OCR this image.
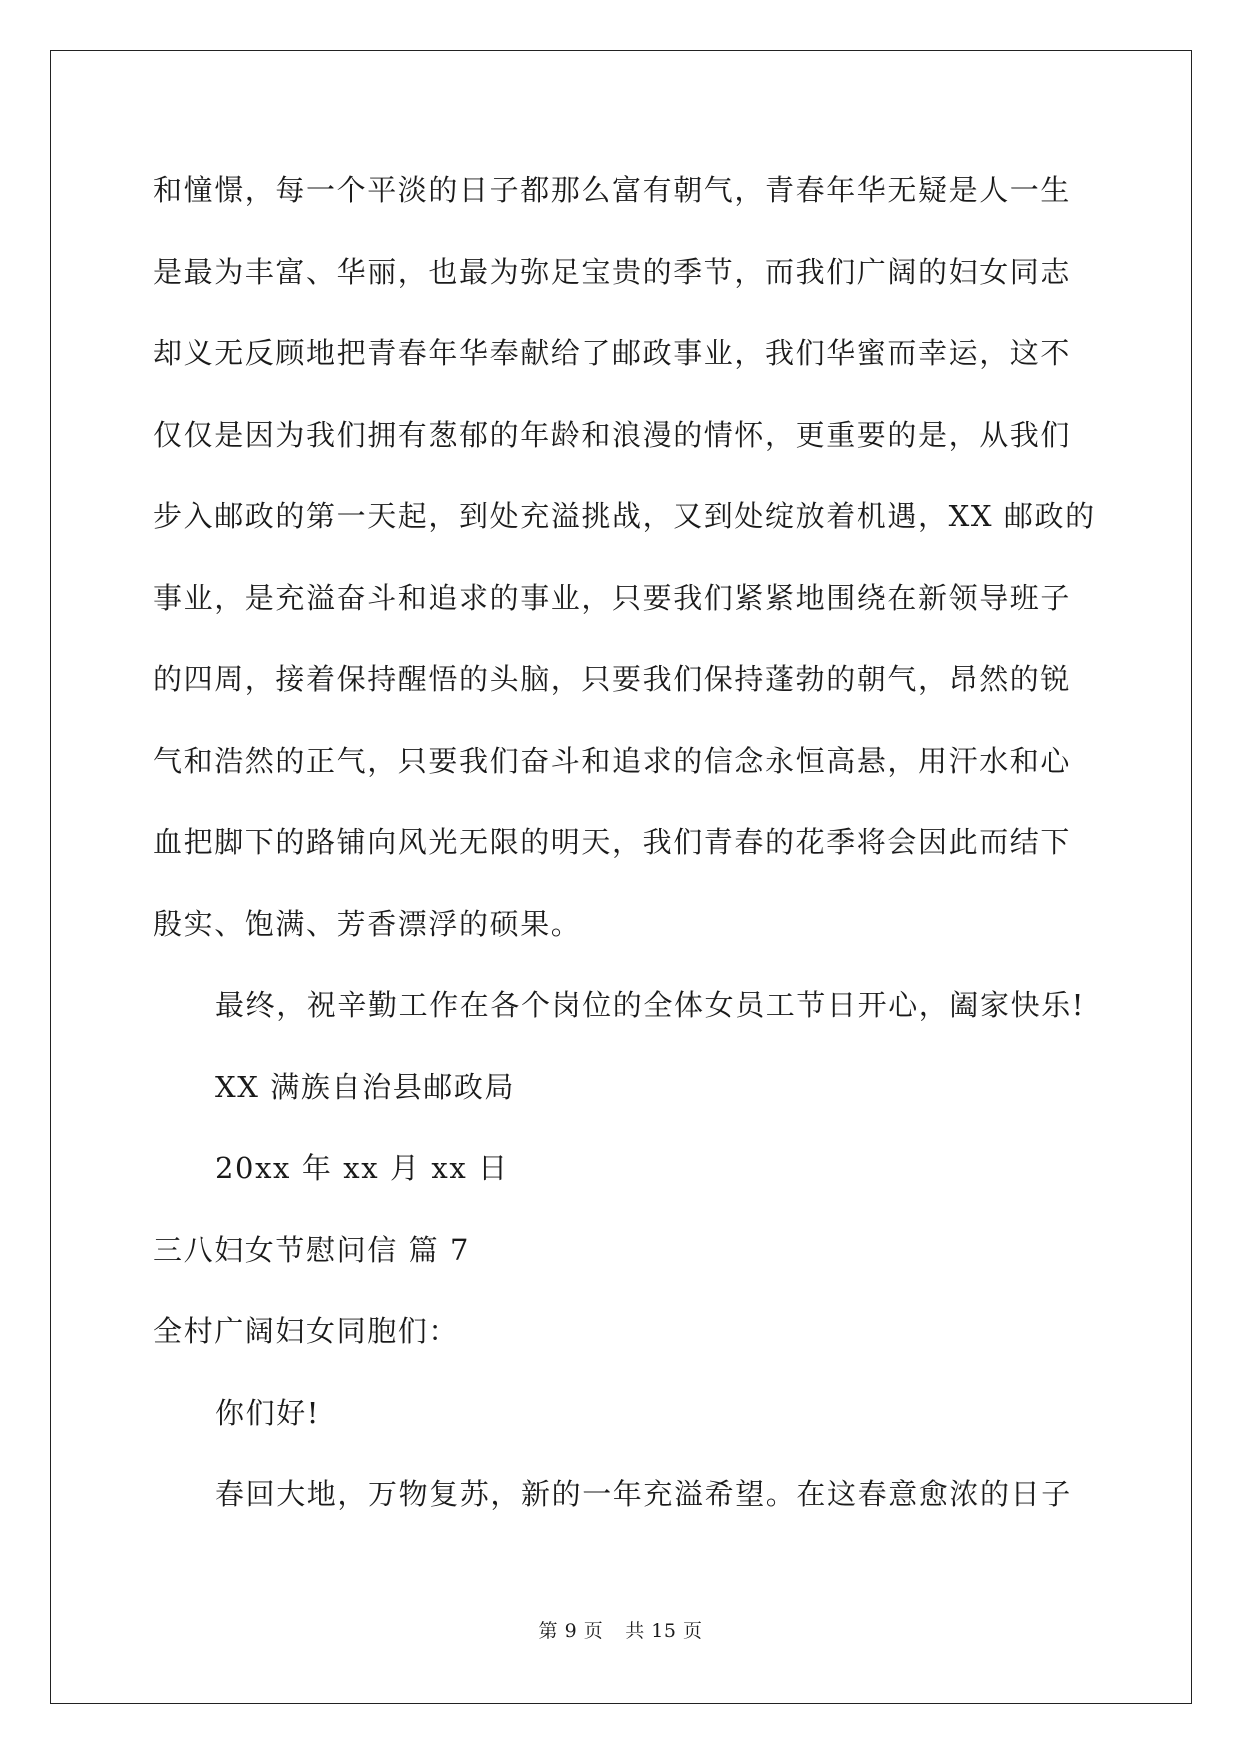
和憧憬，每一个平淡的日子都那么富有朝气，青春年华无疑是人一生
是最为丰富、华丽，也最为弥足宝贵的季节，而我们广阔的妇女同志
却义无反顾地把青春年华奉献给了邮政事业，我们华蜜而幸运，这不
仅仅是因为我们拥有葱郁的年龄和浪漫的情怀，更重要的是，从我们
步入邮政的第一天起，到处充溢挑战，又到处绽放着机遇，XX 邮政的
事业，是充溢奋斗和追求的事业，只要我们紧紧地围绕在新领导班子
的四周，接着保持醒悟的头脑，只要我们保持蓬勃的朝气，昂然的锐
气和浩然的正气，只要我们奋斗和追求的信念永恒高悬，用汗水和心
血把脚下的路铺向风光无限的明天，我们青春的花季将会因此而结下
殷实、饱满、芳香漂浮的硕果。
最终，祝辛勤工作在各个岗位的全体女员工节日开心，阖家快乐!
XX 满族自治县邮政局
20xx 年 xx 月 xx 日
三八妇女节慰问信 篇 7
全村广阔妇女同胞们：
你们好!
春回大地，万物复苏，新的一年充溢希望。在这春意愈浓的日子
第 9 页 共 15 页
